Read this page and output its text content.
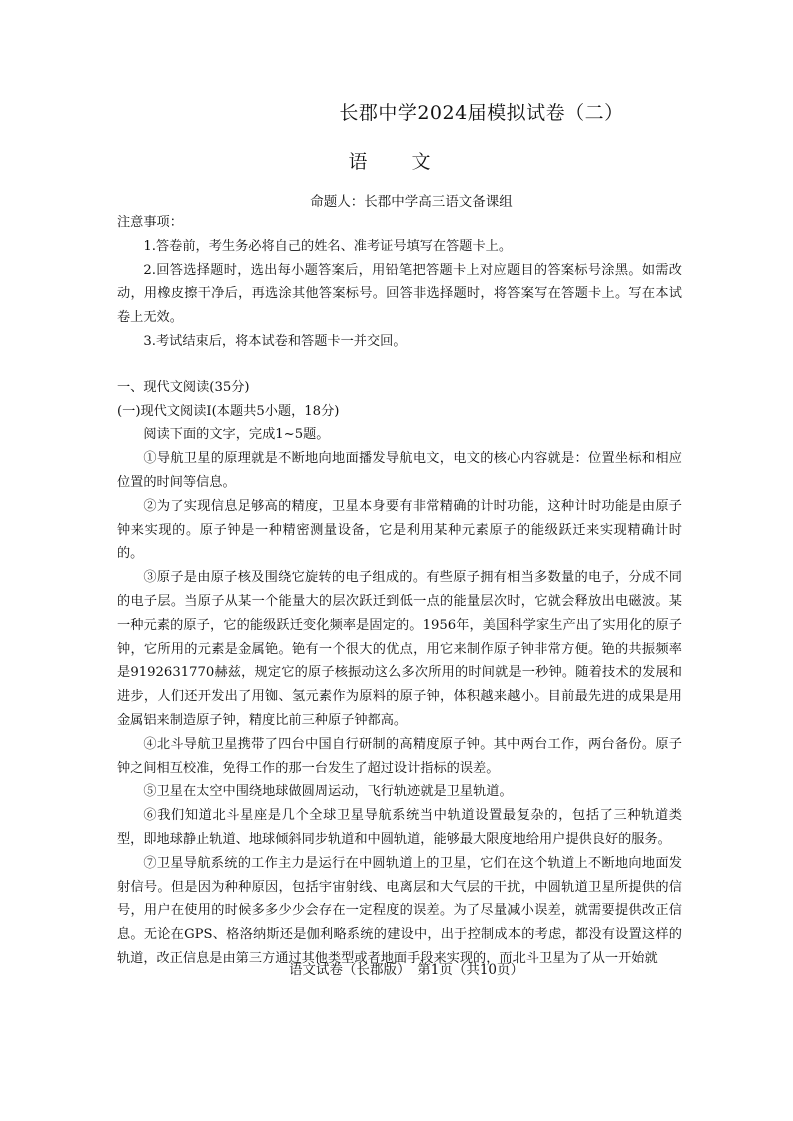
长郡中学2024届模拟试卷（二）
语文
命题人：长郡中学高三语文备课组

注意事项：

1.答卷前，考生务必将自己的姓名、准考证号填写在答题卡上。

2.回答选择题时，选出每小题答案后，用铅笔把答题卡上对应题目的答案标号涂黑。如需改动，用橡皮擦干净后，再选涂其他答案标号。回答非选择题时，将答案写在答题卡上。写在本试卷上无效。

3.考试结束后，将本试卷和答题卡一并交回。

一、现代文阅读(35分)

(一)现代文阅读Ⅰ(本题共5小题，18分)

阅读下面的文字，完成1~5题。

①导航卫星的原理就是不断地向地面播发导航电文，电文的核心内容就是：位置坐标和相应位置的时间等信息。

②为了实现信息足够高的精度，卫星本身要有非常精确的计时功能，这种计时功能是由原子钟来实现的。原子钟是一种精密测量设备，它是利用某种元素原子的能级跃迁来实现精确计时的。

③原子是由原子核及围绕它旋转的电子组成的。有些原子拥有相当多数量的电子，分成不同的电子层。当原子从某一个能量大的层次跃迁到低一点的能量层次时，它就会释放出电磁波。某一种元素的原子，它的能级跃迁变化频率是固定的。1956年，美国科学家生产出了实用化的原子钟，它所用的元素是金属铯。铯有一个很大的优点，用它来制作原子钟非常方便。铯的共振频率是9192631770赫兹，规定它的原子核振动这么多次所用的时间就是一秒钟。随着技术的发展和进步，人们还开发出了用铷、氢元素作为原料的原子钟，体积越来越小。目前最先进的成果是用金属铝来制造原子钟，精度比前三种原子钟都高。

④北斗导航卫星携带了四台中国自行研制的高精度原子钟。其中两台工作，两台备份。原子钟之间相互校准，免得工作的那一台发生了超过设计指标的误差。

⑤卫星在太空中围绕地球做圆周运动，飞行轨迹就是卫星轨道。

⑥我们知道北斗星座是几个全球卫星导航系统当中轨道设置最复杂的，包括了三种轨道类型，即地球静止轨道、地球倾斜同步轨道和中圆轨道，能够最大限度地给用户提供良好的服务。

⑦卫星导航系统的工作主力是运行在中圆轨道上的卫星，它们在这个轨道上不断地向地面发射信号。但是因为种种原因，包括宇宙射线、电离层和大气层的干扰，中圆轨道卫星所提供的信号，用户在使用的时候多多少少会存在一定程度的误差。为了尽量减小误差，就需要提供改正信息。无论在GPS、格洛纳斯还是伽利略系统的建设中，出于控制成本的考虑，都没有设置这样的轨道，改正信息是由第三方通过其他类型或者地面手段来实现的，而北斗卫星为了从一开始就

语文试卷（长郡版）　第1页（共10页）
